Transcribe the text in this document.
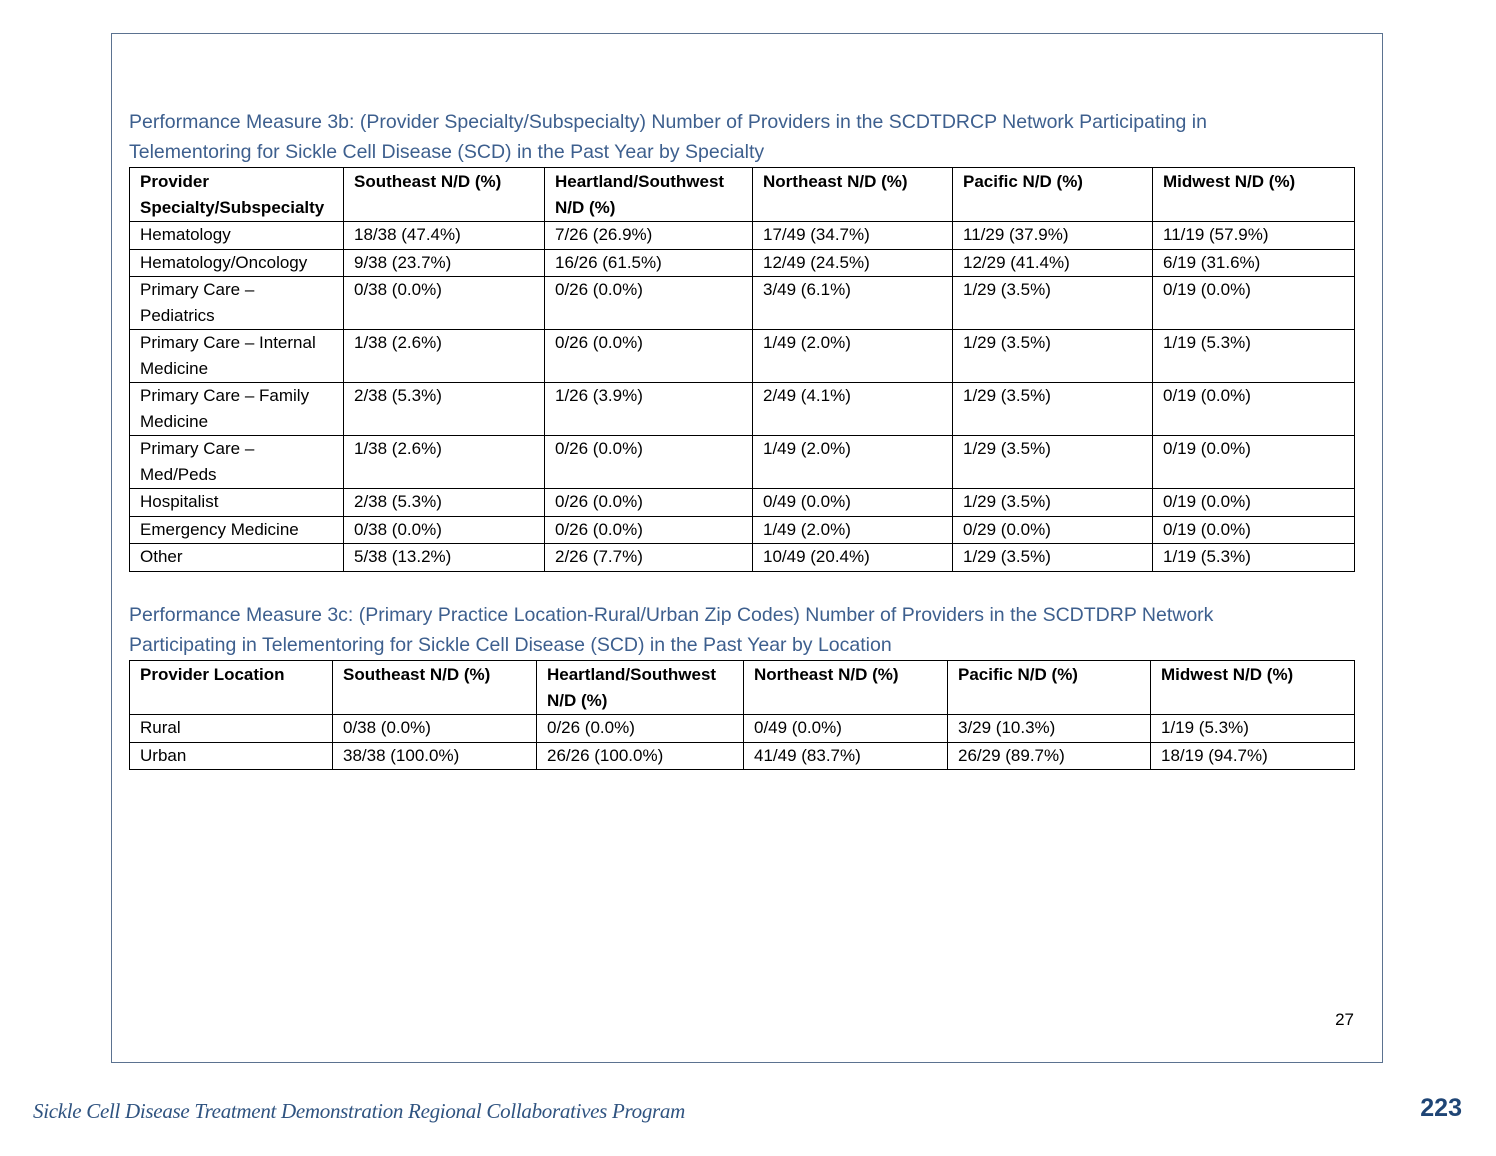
Performance Measure 3b: (Provider Specialty/Subspecialty) Number of Providers in the SCDTDRCP Network Participating in
Telementoring for Sickle Cell Disease (SCD) in the Past Year by Specialty
Provider Specialty/Subspecialty	Southeast N/D (%)	Heartland/Southwest N/D (%)	Northeast N/D (%)	Pacific N/D (%)	Midwest N/D (%)
Hematology	18/38 (47.4%)	7/26 (26.9%)	17/49 (34.7%)	11/29 (37.9%)	11/19 (57.9%)
Hematology/Oncology	9/38 (23.7%)	16/26 (61.5%)	12/49 (24.5%)	12/29 (41.4%)	6/19 (31.6%)
Primary Care – Pediatrics	0/38 (0.0%)	0/26 (0.0%)	3/49 (6.1%)	1/29 (3.5%)	0/19 (0.0%)
Primary Care – Internal Medicine	1/38 (2.6%)	0/26 (0.0%)	1/49 (2.0%)	1/29 (3.5%)	1/19 (5.3%)
Primary Care – Family Medicine	2/38 (5.3%)	1/26 (3.9%)	2/49 (4.1%)	1/29 (3.5%)	0/19 (0.0%)
Primary Care – Med/Peds	1/38 (2.6%)	0/26 (0.0%)	1/49 (2.0%)	1/29 (3.5%)	0/19 (0.0%)
Hospitalist	2/38 (5.3%)	0/26 (0.0%)	0/49 (0.0%)	1/29 (3.5%)	0/19 (0.0%)
Emergency Medicine	0/38 (0.0%)	0/26 (0.0%)	1/49 (2.0%)	0/29 (0.0%)	0/19 (0.0%)
Other	5/38 (13.2%)	2/26 (7.7%)	10/49 (20.4%)	1/29 (3.5%)	1/19 (5.3%)
Performance Measure 3c: (Primary Practice Location-Rural/Urban Zip Codes) Number of Providers in the SCDTDRP Network
Participating in Telementoring for Sickle Cell Disease (SCD) in the Past Year by Location
Provider Location	Southeast N/D (%)	Heartland/Southwest N/D (%)	Northeast N/D (%)	Pacific N/D (%)	Midwest N/D (%)
Rural	0/38 (0.0%)	0/26 (0.0%)	0/49 (0.0%)	3/29 (10.3%)	1/19 (5.3%)
Urban	38/38 (100.0%)	26/26 (100.0%)	41/49 (83.7%)	26/29 (89.7%)	18/19 (94.7%)
27
Sickle Cell Disease Treatment Demonstration Regional Collaboratives Program	223
